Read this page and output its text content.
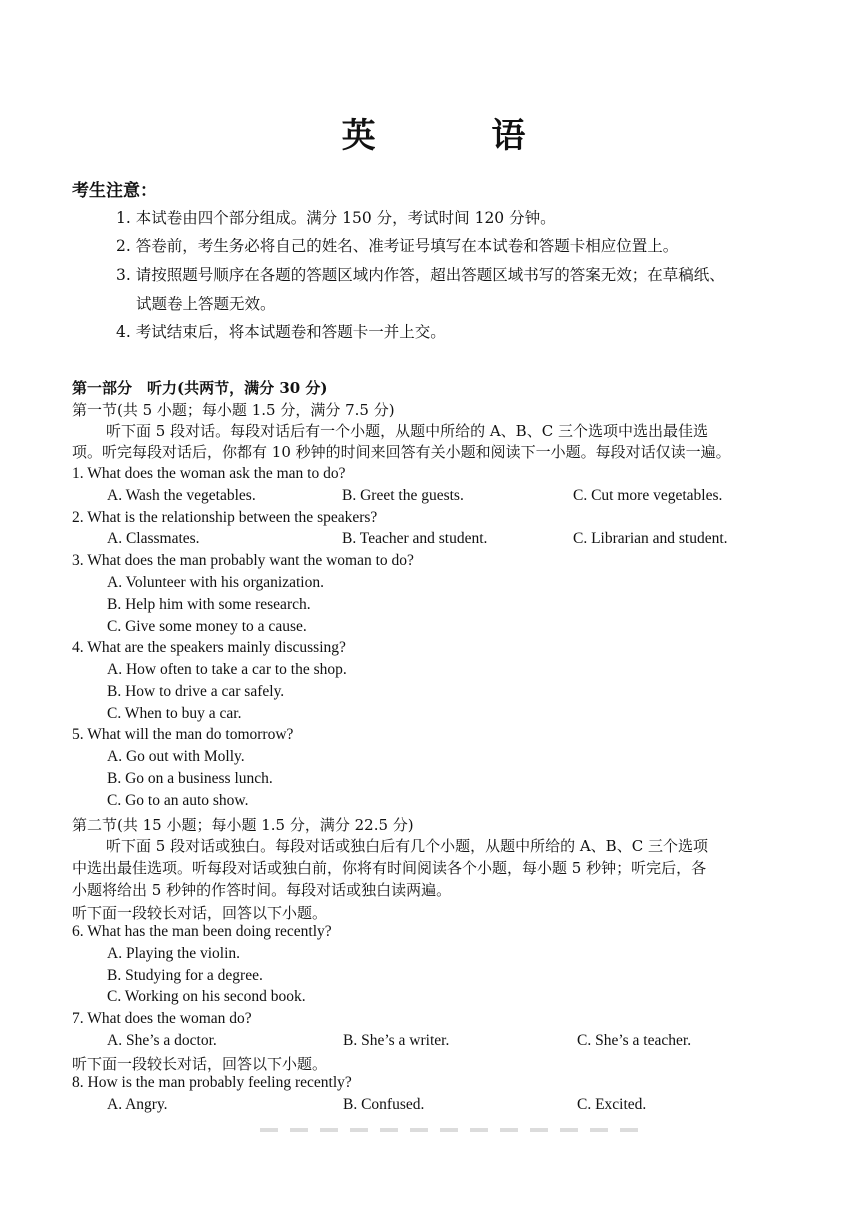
英 语
考生注意：
1. 本试卷由四个部分组成。满分 150 分，考试时间 120 分钟。
2. 答卷前，考生务必将自己的姓名、准考证号填写在本试卷和答题卡相应位置上。
3. 请按照题号顺序在各题的答题区域内作答，超出答题区域书写的答案无效；在草稿纸、
试题卷上答题无效。
4. 考试结束后，将本试题卷和答题卡一并上交。
第一部分　听力(共两节，满分 30 分)
第一节(共 5 小题；每小题 1.5 分，满分 7.5 分)
听下面 5 段对话。每段对话后有一个小题，从题中所给的 A、B、C 三个选项中选出最佳选
项。听完每段对话后，你都有 10 秒钟的时间来回答有关小题和阅读下一小题。每段对话仅读一遍。
1. What does the woman ask the man to do?
A. Wash the vegetables.	B. Greet the guests.	C. Cut more vegetables.
2. What is the relationship between the speakers?
A. Classmates.	B. Teacher and student.	C. Librarian and student.
3. What does the man probably want the woman to do?
A. Volunteer with his organization.
B. Help him with some research.
C. Give some money to a cause.
4. What are the speakers mainly discussing?
A. How often to take a car to the shop.
B. How to drive a car safely.
C. When to buy a car.
5. What will the man do tomorrow?
A. Go out with Molly.
B. Go on a business lunch.
C. Go to an auto show.
第二节(共 15 小题；每小题 1.5 分，满分 22.5 分)
听下面 5 段对话或独白。每段对话或独白后有几个小题，从题中所给的 A、B、C 三个选项
中选出最佳选项。听每段对话或独白前，你将有时间阅读各个小题，每小题 5 秒钟；听完后，各
小题将给出 5 秒钟的作答时间。每段对话或独白读两遍。
听下面一段较长对话，回答以下小题。
6. What has the man been doing recently?
A. Playing the violin.
B. Studying for a degree.
C. Working on his second book.
7. What does the woman do?
A. She’s a doctor.	B. She’s a writer.	C. She’s a teacher.
听下面一段较长对话，回答以下小题。
8. How is the man probably feeling recently?
A. Angry.	B. Confused.	C. Excited.
